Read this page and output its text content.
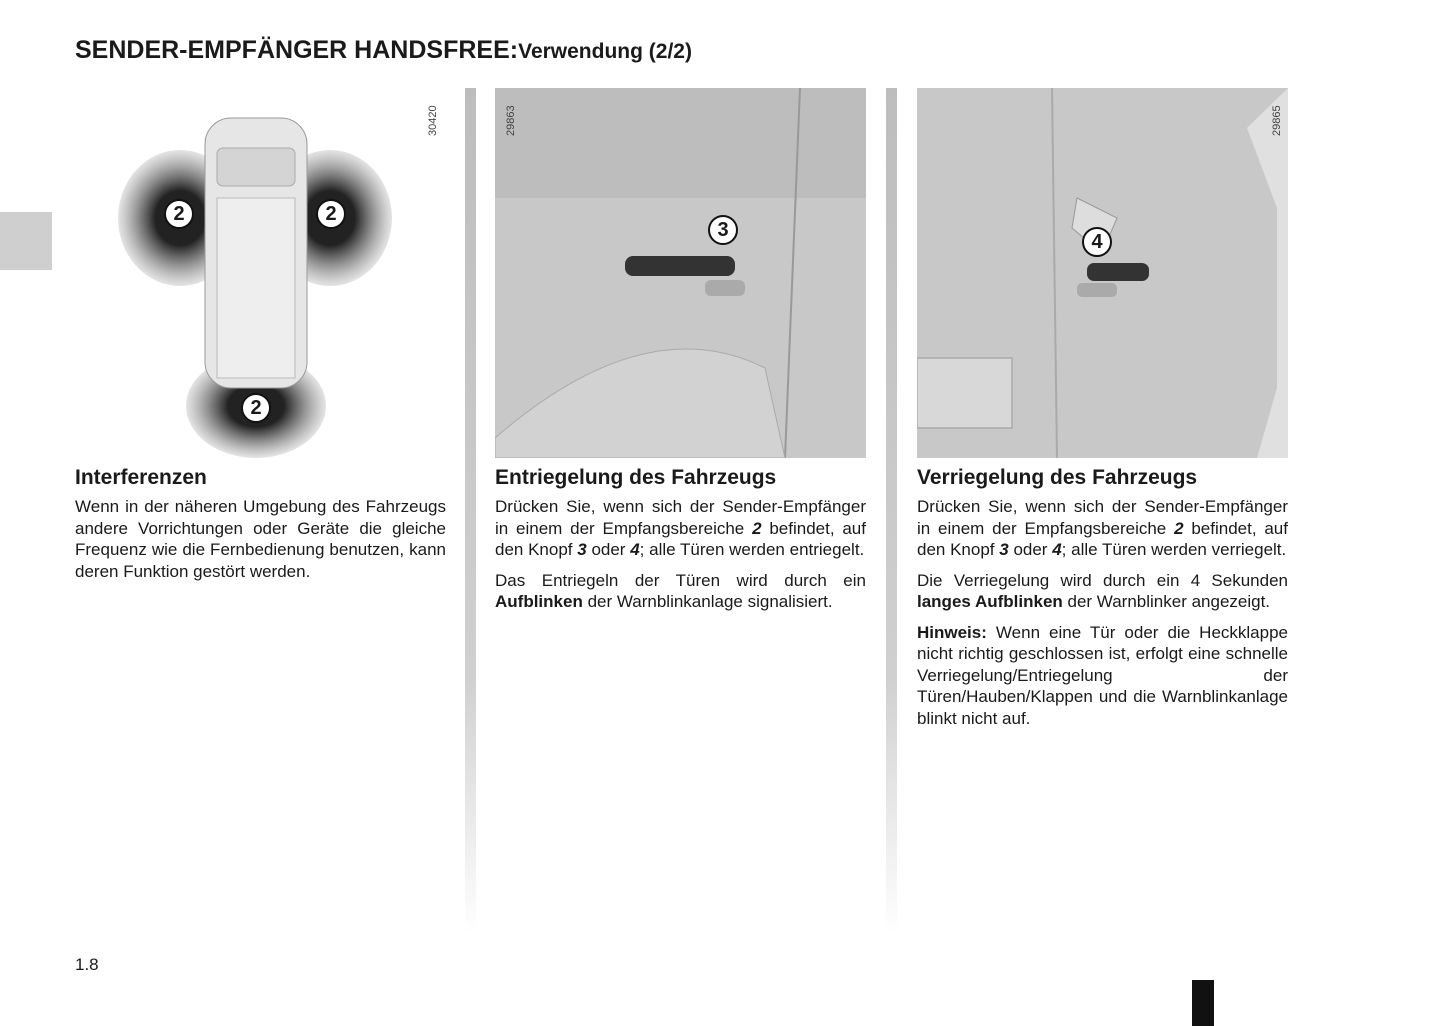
SENDER-EMPFÄNGER HANDSFREE:Verwendung (2/2)
30420
2	2
2
Interferenzen

Wenn in der näheren Umgebung des Fahrzeugs andere Vorrichtungen oder Geräte die gleiche Frequenz wie die Fernbedienung benutzen, kann deren Funktion gestört werden.

29863
3
Entriegelung des Fahrzeugs

Drücken Sie, wenn sich der Sender-Empfänger in einem der Empfangsbereiche 2 befindet, auf den Knopf 3 oder 4; alle Türen werden entriegelt.

Das Entriegeln der Türen wird durch ein Aufblinken der Warnblinkanlage signalisiert.

29865
4
Verriegelung des Fahrzeugs

Drücken Sie, wenn sich der Sender-Empfänger in einem der Empfangsbereiche 2 befindet, auf den Knopf 3 oder 4; alle Türen werden verriegelt.

Die Verriegelung wird durch ein 4 Sekunden langes Aufblinken der Warnblinker angezeigt.

Hinweis: Wenn eine Tür oder die Heckklappe nicht richtig geschlossen ist, erfolgt eine schnelle Verriegelung/Entriegelung der Türen/Hauben/Klappen und die Warnblinkanlage blinkt nicht auf.

1.8
